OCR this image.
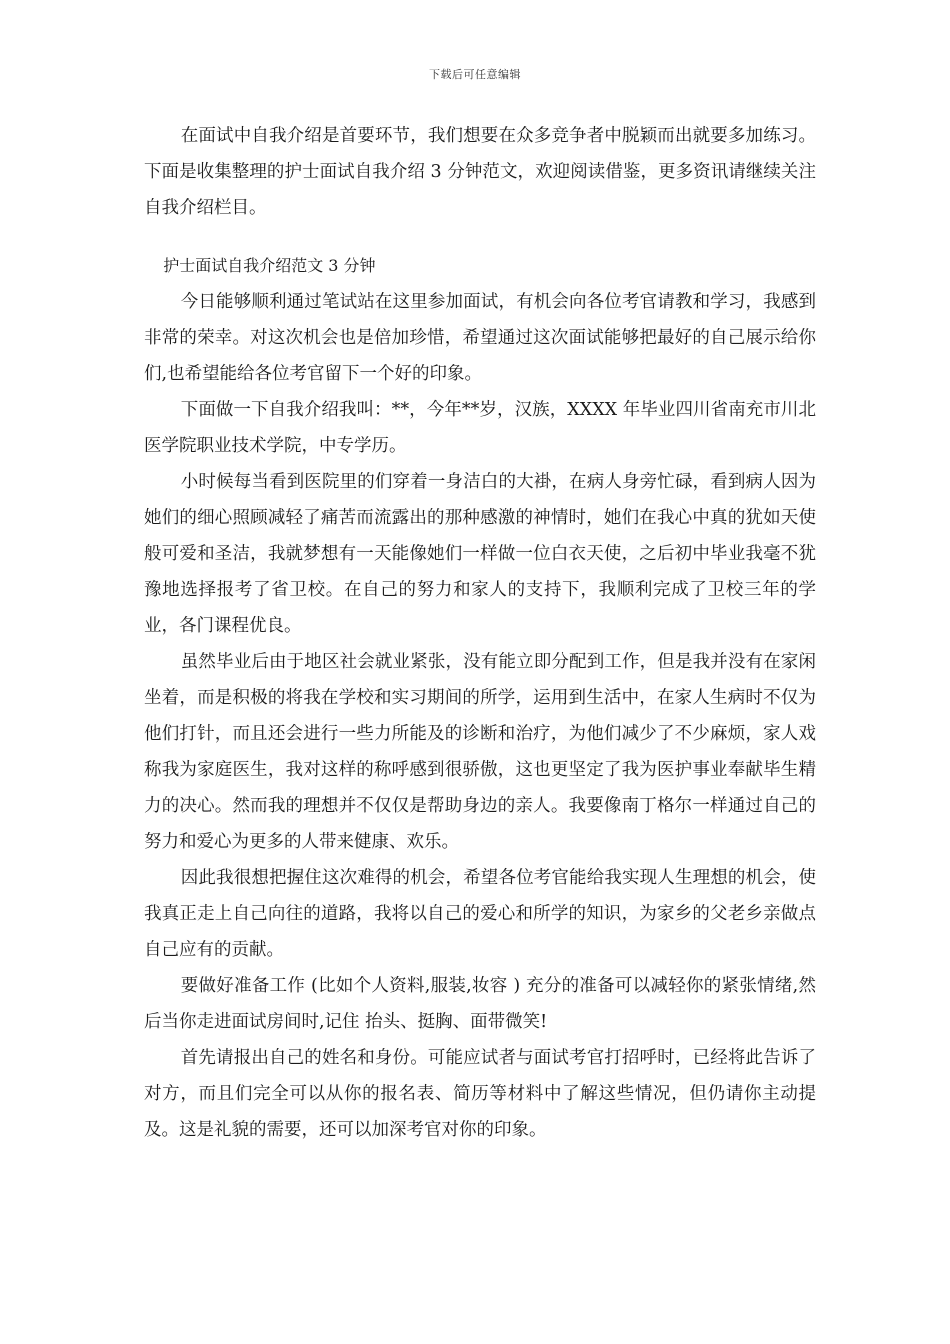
下载后可任意编辑

在面试中自我介绍是首要环节，我们想要在众多竞争者中脱颖而出就要多加练习。下面是收集整理的护士面试自我介绍 3 分钟范文，欢迎阅读借鉴，更多资讯请继续关注自我介绍栏目。

护士面试自我介绍范文 3 分钟

今日能够顺利通过笔试站在这里参加面试，有机会向各位考官请教和学习，我感到非常的荣幸。对这次机会也是倍加珍惜，希望通过这次面试能够把最好的自己展示给你们,也希望能给各位考官留下一个好的印象。

下面做一下自我介绍我叫：**，今年**岁，汉族，XXXX 年毕业四川省南充市川北医学院职业技术学院，中专学历。

小时候每当看到医院里的们穿着一身洁白的大褂，在病人身旁忙碌，看到病人因为她们的细心照顾减轻了痛苦而流露出的那种感激的神情时，她们在我心中真的犹如天使般可爱和圣洁，我就梦想有一天能像她们一样做一位白衣天使，之后初中毕业我毫不犹豫地选择报考了省卫校。在自己的努力和家人的支持下，我顺利完成了卫校三年的学业，各门课程优良。

虽然毕业后由于地区社会就业紧张，没有能立即分配到工作，但是我并没有在家闲坐着，而是积极的将我在学校和实习期间的所学，运用到生活中，在家人生病时不仅为他们打针，而且还会进行一些力所能及的诊断和治疗，为他们减少了不少麻烦，家人戏称我为家庭医生，我对这样的称呼感到很骄傲，这也更坚定了我为医护事业奉献毕生精力的决心。然而我的理想并不仅仅是帮助身边的亲人。我要像南丁格尔一样通过自己的努力和爱心为更多的人带来健康、欢乐。

因此我很想把握住这次难得的机会，希望各位考官能给我实现人生理想的机会，使我真正走上自己向往的道路，我将以自己的爱心和所学的知识，为家乡的父老乡亲做点自己应有的贡献。

要做好准备工作 (比如个人资料,服装,妆容 ) 充分的准备可以减轻你的紧张情绪,然后当你走进面试房间时,记住 抬头、挺胸、面带微笑!

首先请报出自己的姓名和身份。可能应试者与面试考官打招呼时，已经将此告诉了对方，而且们完全可以从你的报名表、简历等材料中了解这些情况，但仍请你主动提及。这是礼貌的需要，还可以加深考官对你的印象。
